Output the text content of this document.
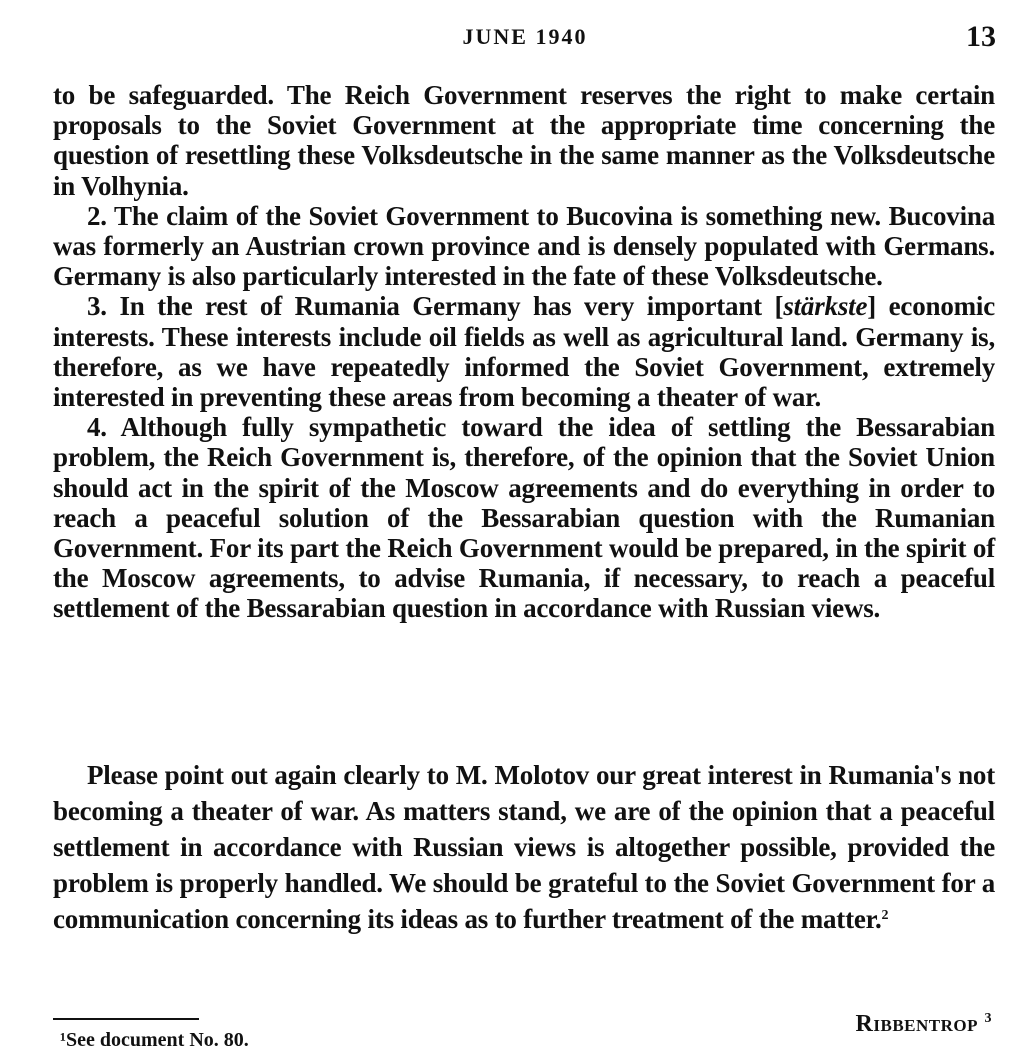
JUNE 1940	13

to be safeguarded. The Reich Government reserves the right to make certain proposals to the Soviet Government at the appropriate time concerning the question of resettling these Volksdeutsche in the same manner as the Volksdeutsche in Volhynia.

2. The claim of the Soviet Government to Bucovina is something new. Bucovina was formerly an Austrian crown province and is densely populated with Germans. Germany is also particularly interested in the fate of these Volksdeutsche.

3. In the rest of Rumania Germany has very important [stärkste] economic interests. These interests include oil fields as well as agricultural land. Germany is, therefore, as we have repeatedly informed the Soviet Government, extremely interested in preventing these areas from becoming a theater of war.

4. Although fully sympathetic toward the idea of settling the Bessarabian problem, the Reich Government is, therefore, of the opinion that the Soviet Union should act in the spirit of the Moscow agreements and do everything in order to reach a peaceful solution of the Bessarabian question with the Rumanian Government. For its part the Reich Government would be prepared, in the spirit of the Moscow agreements, to advise Rumania, if necessary, to reach a peaceful settlement of the Bessarabian question in accordance with Russian views.

Please point out again clearly to M. Molotov our great interest in Rumania's not becoming a theater of war. As matters stand, we are of the opinion that a peaceful settlement in accordance with Russian views is altogether possible, provided the problem is properly handled. We should be grateful to the Soviet Government for a communication concerning its ideas as to further treatment of the matter.$^2$

¹See document No. 80.
Ribbentrop $^3$
